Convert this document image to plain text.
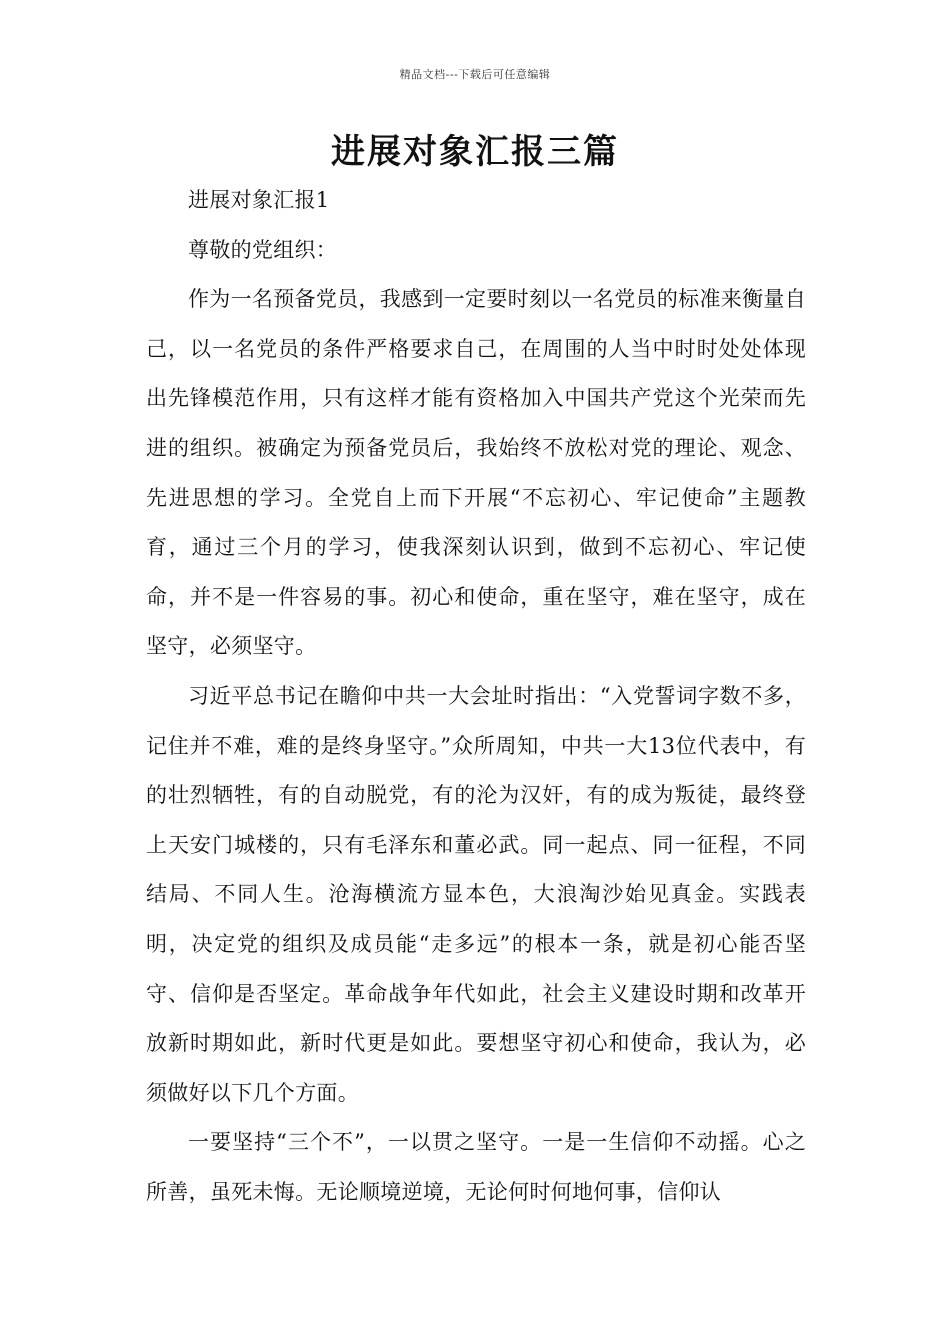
精品文档---下载后可任意编辑
进展对象汇报三篇

进展对象汇报1

尊敬的党组织：

作为一名预备党员，我感到一定要时刻以一名党员的标准来衡量自己，以一名党员的条件严格要求自己，在周围的人当中时时处处体现出先锋模范作用，只有这样才能有资格加入中国共产党这个光荣而先进的组织。被确定为预备党员后，我始终不放松对党的理论、观念、先进思想的学习。全党自上而下开展“不忘初心、牢记使命”主题教育，通过三个月的学习，使我深刻认识到，做到不忘初心、牢记使命，并不是一件容易的事。初心和使命，重在坚守，难在坚守，成在坚守，必须坚守。

习近平总书记在瞻仰中共一大会址时指出：“入党誓词字数不多，记住并不难，难的是终身坚守。”众所周知，中共一大13位代表中，有的壮烈牺牲，有的自动脱党，有的沦为汉奸，有的成为叛徒，最终登上天安门城楼的，只有毛泽东和董必武。同一起点、同一征程，不同结局、不同人生。沧海横流方显本色，大浪淘沙始见真金。实践表明，决定党的组织及成员能“走多远”的根本一条，就是初心能否坚守、信仰是否坚定。革命战争年代如此，社会主义建设时期和改革开放新时期如此，新时代更是如此。要想坚守初心和使命，我认为，必须做好以下几个方面。

一要坚持“三个不”，一以贯之坚守。一是一生信仰不动摇。心之所善，虽死未悔。无论顺境逆境，无论何时何地何事，信仰认
